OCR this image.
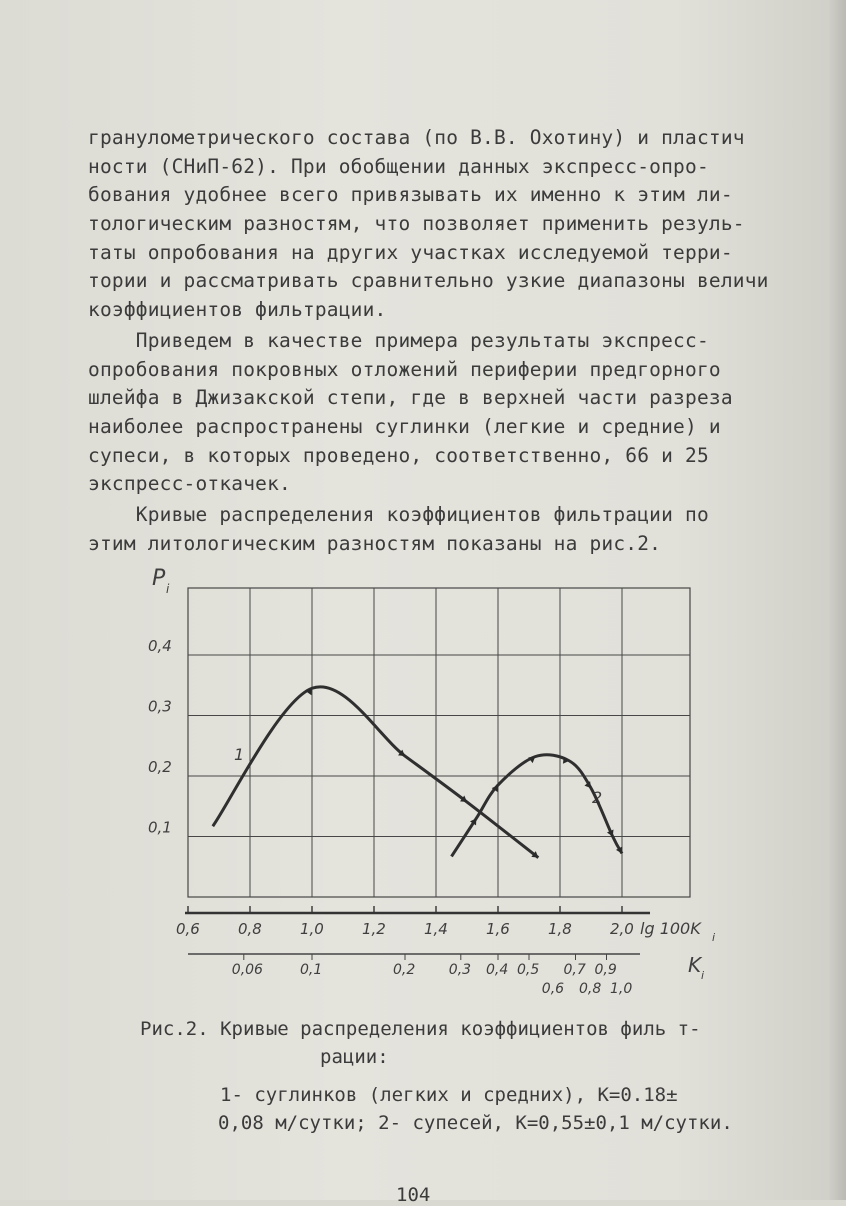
гранулометрического состава (по В.В. Охотину) и пластич
ности (СНиП-62). При обобщении данных экспресс-опро-
бования удобнее всего привязывать их именно к этим ли-
тологическим разностям, что позволяет применить резуль-
таты опробования на других участках исследуемой терри-
тории и рассматривать сравнительно узкие диапазоны величи
коэффициентов фильтрации.
Приведем в качестве примера результаты экспресс-
опробования покровных отложений периферии предгорного
шлейфа в Джизакской степи, где в верхней части разреза
наиболее распространены суглинки (легкие и средние) и
супеси, в которых проведено, соответственно, 66 и 25
экспресс-откачек.
Кривые распределения коэффициентов фильтрации по
этим литологическим разностям показаны на рис.2.
0,1
0,2
0,3
0,4
P i
0,6	0,8	1,0	1,2	1,4	1,6	1,8	2,0 lg 100K i
0,06	0,1	0,2 0,3 0,4 0,5 0,7 0,9
0,6 0,8 1,0
K i
1
2
Рис.2. Кривые распределения коэффициентов филь т-
рации:
1- суглинков (легких и средних), K=0.18±
0,08 м/сутки; 2- супесей, K=0,55±0,1 м/сутки.
104
